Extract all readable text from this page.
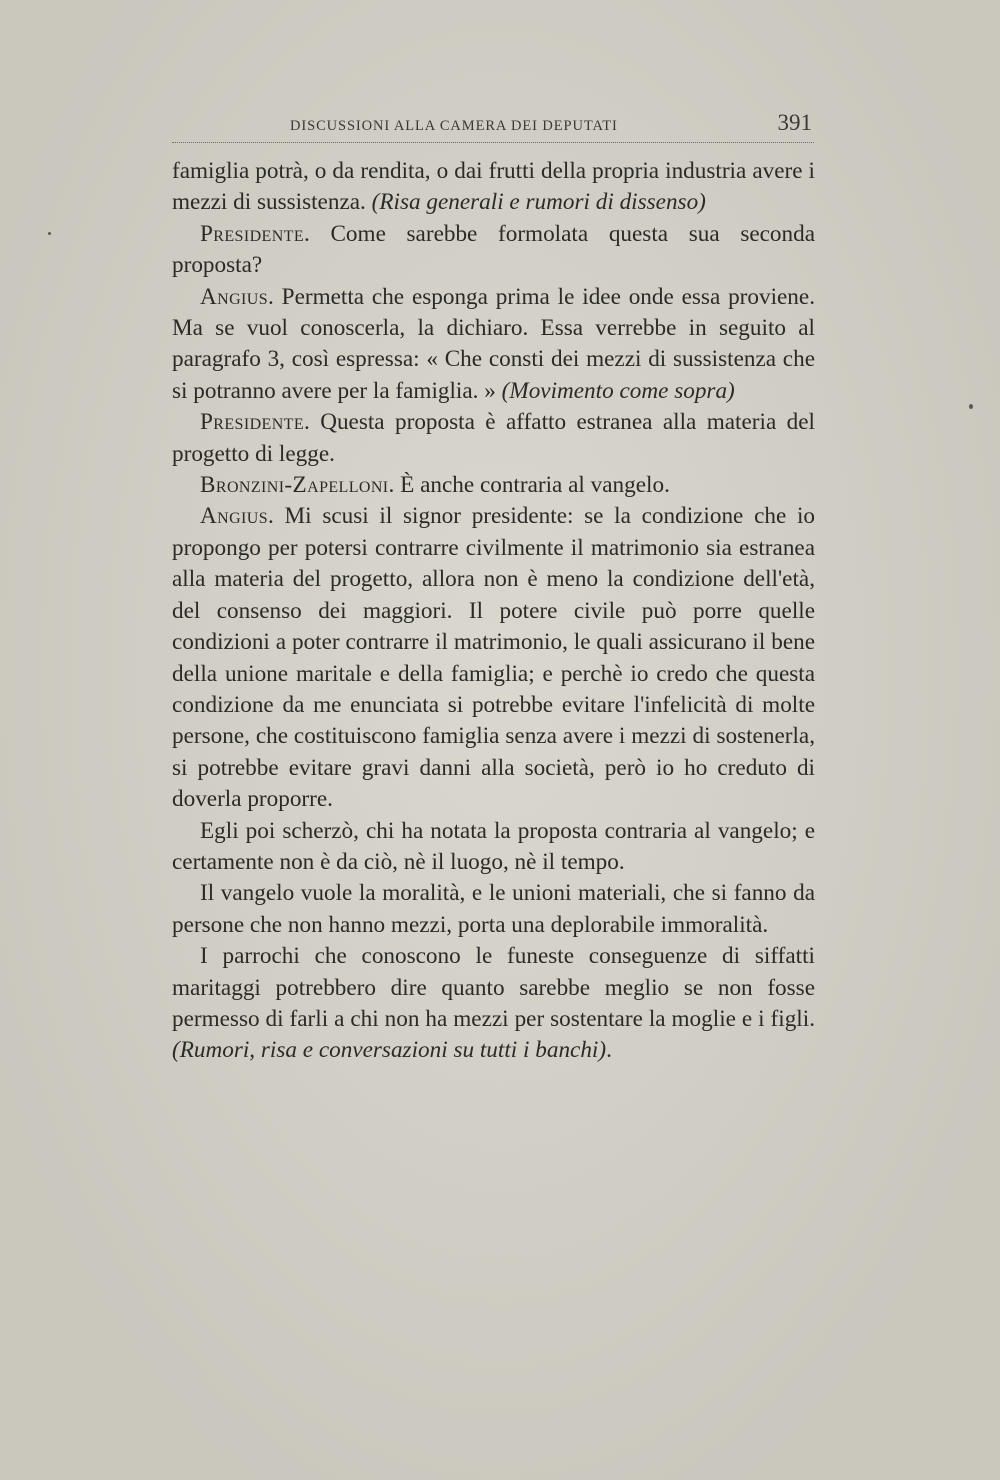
DISCUSSIONI ALLA CAMERA DEI DEPUTATI	391

famiglia potrà, o da rendita, o dai frutti della propria industria avere i mezzi di sussistenza. (Risa generali e rumori di dissenso)

Presidente. Come sarebbe formolata questa sua seconda proposta?

Angius. Permetta che esponga prima le idee onde essa proviene. Ma se vuol conoscerla, la dichiaro. Essa verrebbe in seguito al paragrafo 3, così espressa: « Che consti dei mezzi di sussistenza che si potranno avere per la famiglia. » (Movimento come sopra)

Presidente. Questa proposta è affatto estranea alla materia del progetto di legge.

Bronzini-Zapelloni. È anche contraria al vangelo.

Angius. Mi scusi il signor presidente: se la condizione che io propongo per potersi contrarre civilmente il matrimonio sia estranea alla materia del progetto, allora non è meno la condizione dell'età, del consenso dei maggiori. Il potere civile può porre quelle condizioni a poter contrarre il matrimonio, le quali assicurano il bene della unione maritale e della famiglia; e perchè io credo che questa condizione da me enunciata si potrebbe evitare l'infelicità di molte persone, che costituiscono famiglia senza avere i mezzi di sostenerla, si potrebbe evitare gravi danni alla società, però io ho creduto di doverla proporre.

Egli poi scherzò, chi ha notata la proposta contraria al vangelo; e certamente non è da ciò, nè il luogo, nè il tempo.

Il vangelo vuole la moralità, e le unioni materiali, che si fanno da persone che non hanno mezzi, porta una deplorabile immoralità.

I parrochi che conoscono le funeste conseguenze di siffatti maritaggi potrebbero dire quanto sarebbe meglio se non fosse permesso di farli a chi non ha mezzi per sostentare la moglie e i figli. (Rumori, risa e conversazioni su tutti i banchi).
